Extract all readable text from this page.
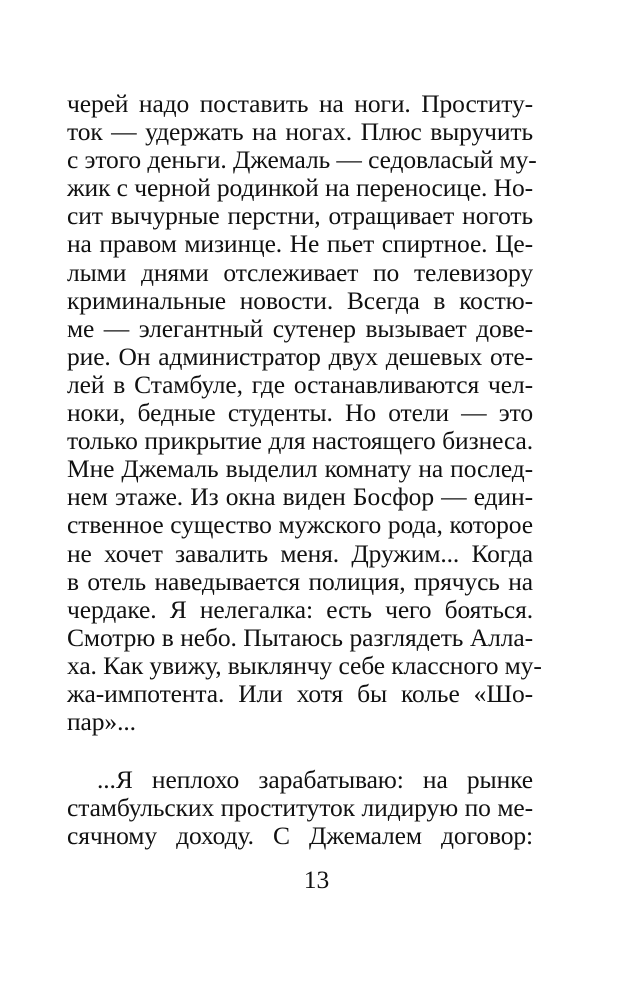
черей надо поставить на ноги. Проститу-
ток — удержать на ногах. Плюс выручить
с этого деньги. Джемаль — седовласый му-
жик с черной родинкой на переносице. Но-
сит вычурные перстни, отращивает ноготь
на правом мизинце. Не пьет спиртное. Це-
лыми днями отслеживает по телевизору
криминальные новости. Всегда в костю-
ме — элегантный сутенер вызывает дове-
рие. Он администратор двух дешевых оте-
лей в Стамбуле, где останавливаются чел-
ноки, бедные студенты. Но отели — это
только прикрытие для настоящего бизнеса.
Мне Джемаль выделил комнату на послед-
нем этаже. Из окна виден Босфор — един-
ственное существо мужского рода, которое
не хочет завалить меня. Дружим... Когда
в отель наведывается полиция, прячусь на
чердаке. Я нелегалка: есть чего бояться.
Смотрю в небо. Пытаюсь разглядеть Алла-
ха. Как увижу, выклянчу себе классного му-
жа-импотента. Или хотя бы колье «Шо-
пар»...
...Я неплохо зарабатываю: на рынке
стамбульских проституток лидирую по ме-
сячному доходу. С Джемалем договор:
13
